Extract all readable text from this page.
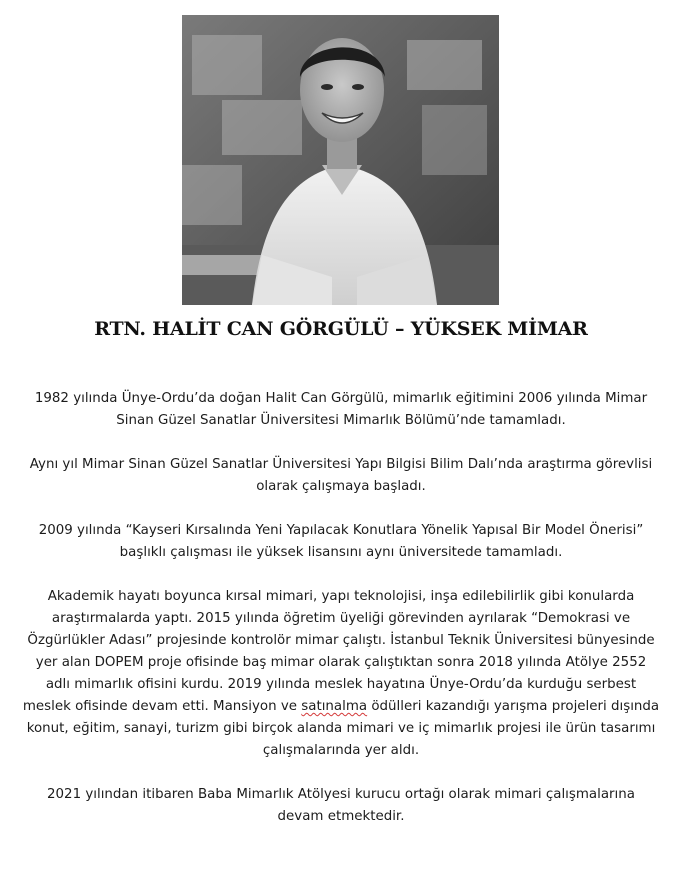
RTN. HALİT CAN GÖRGÜLÜ – YÜKSEK MİMAR

1982 yılında Ünye-Ordu’da doğan Halit Can Görgülü, mimarlık eğitimini 2006 yılında Mimar Sinan Güzel Sanatlar Üniversitesi Mimarlık Bölümü’nde tamamladı.

Aynı yıl Mimar Sinan Güzel Sanatlar Üniversitesi Yapı Bilgisi Bilim Dalı’nda araştırma görevlisi olarak çalışmaya başladı.

2009 yılında “Kayseri Kırsalında Yeni Yapılacak Konutlara Yönelik Yapısal Bir Model Önerisi” başlıklı çalışması ile yüksek lisansını aynı üniversitede tamamladı.

Akademik hayatı boyunca kırsal mimari, yapı teknolojisi, inşa edilebilirlik gibi konularda araştırmalarda yaptı. 2015 yılında öğretim üyeliği görevinden ayrılarak “Demokrasi ve Özgürlükler Adası” projesinde kontrolör mimar çalıştı. İstanbul Teknik Üniversitesi bünyesinde yer alan DOPEM proje ofisinde baş mimar olarak çalıştıktan sonra 2018 yılında Atölye 2552 adlı mimarlık ofisini kurdu. 2019 yılında meslek hayatına Ünye-Ordu’da kurduğu serbest meslek ofisinde devam etti. Mansiyon ve satınalma ödülleri kazandığı yarışma projeleri dışında konut, eğitim, sanayi, turizm gibi birçok alanda mimari ve iç mimarlık projesi ile ürün tasarımı çalışmalarında yer aldı.

2021 yılından itibaren Baba Mimarlık Atölyesi kurucu ortağı olarak mimari çalışmalarına devam etmektedir.
